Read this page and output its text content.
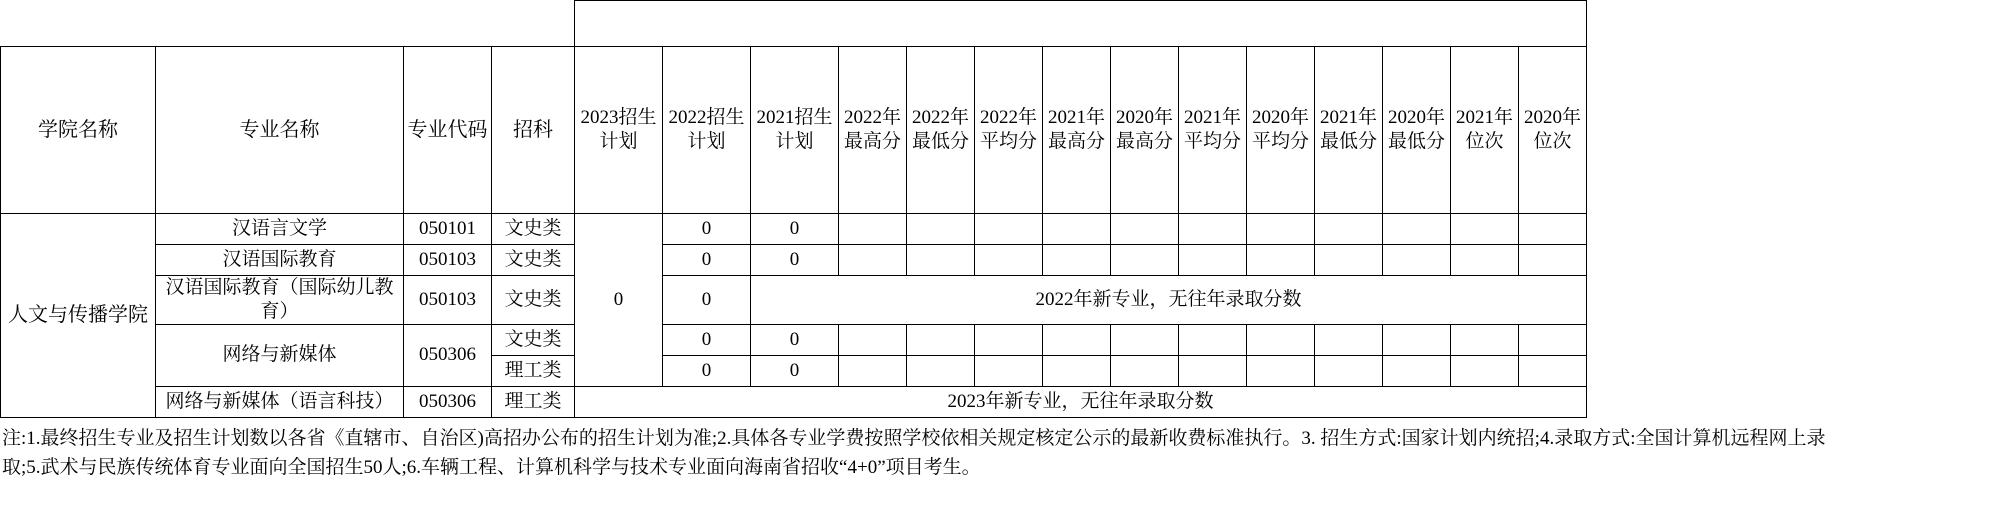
学院名称	专业名称	专业代码	招科	2023招生计划	2022招生计划	2021招生计划	2022年最高分	2022年最低分	2022年平均分	2021年最高分	2020年最高分	2021年平均分	2020年平均分	2021年最低分	2020年最低分	2021年位次	2020年位次
人文与传播学院	汉语言文学	050101	文史类	0	0	0											
	汉语国际教育	050103	文史类		0	0											
	汉语国际教育（国际幼儿教育）	050103	文史类		0	2022年新专业，无往年录取分数											
	网络与新媒体	050306	文史类		0	0											
			理工类		0	0											
	网络与新媒体（语言科技）	050306	理工类	2023年新专业，无往年录取分数													
注:1.最终招生专业及招生计划数以各省《直辖市、自治区)高招办公布的招生计划为准;2.具体各专业学费按照学校依相关规定核定公示的最新收费标准执行。3. 招生方式:国家计划内统招;4.录取方式:全国计算机远程网上录
取;5.武术与民族传统体育专业面向全国招生50人;6.车辆工程、计算机科学与技术专业面向海南省招收“4+0”项目考生。
